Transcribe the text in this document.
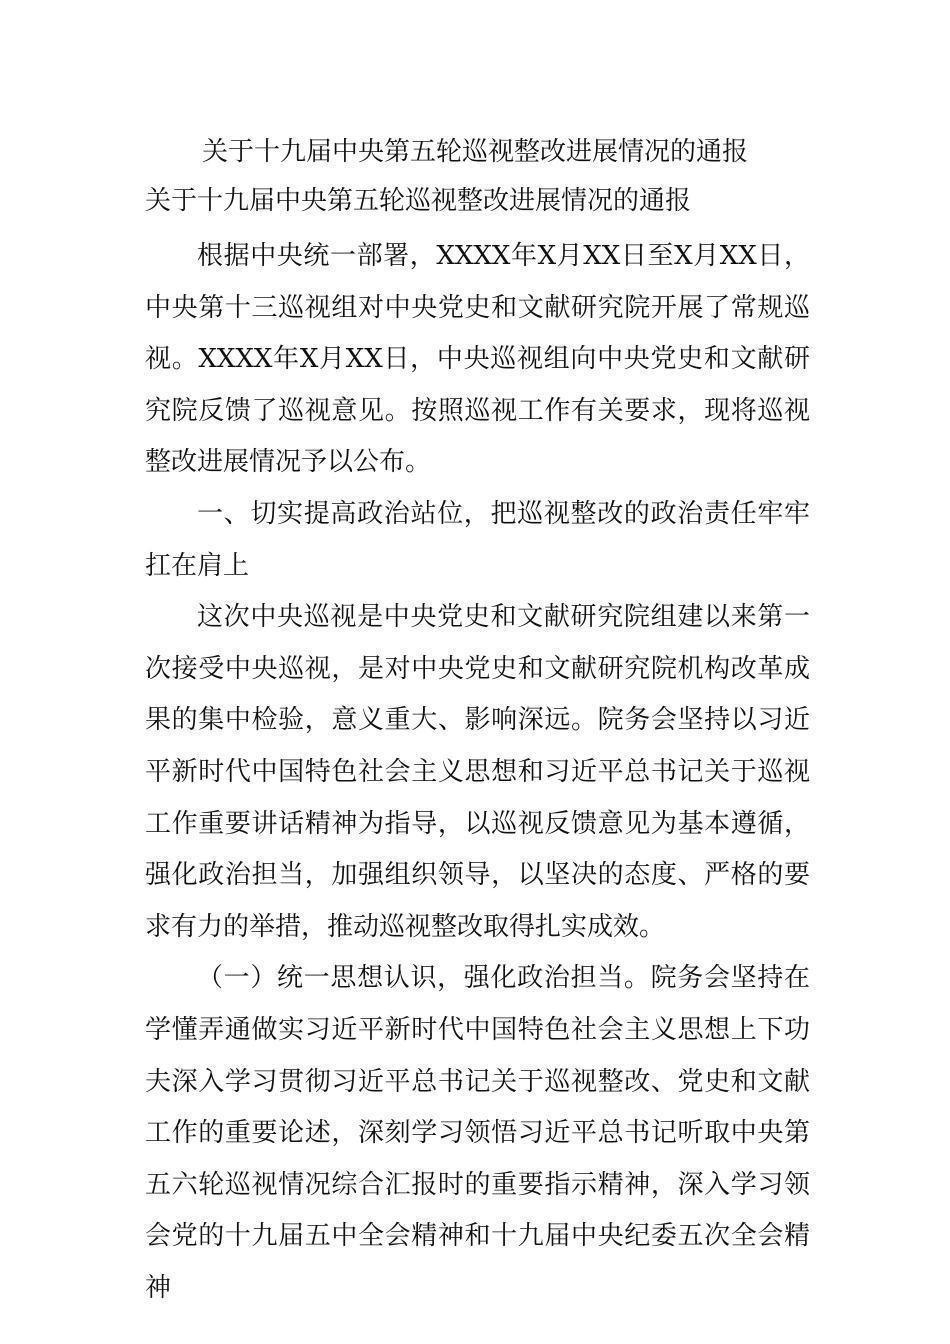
关于十九届中央第五轮巡视整改进展情况的通报
关于十九届中央第五轮巡视整改进展情况的通报

根据中央统一部署，XXXX年X月XX日至X月XX日，中央第十三巡视组对中央党史和文献研究院开展了常规巡视。XXXX年X月XX日，中央巡视组向中央党史和文献研究院反馈了巡视意见。按照巡视工作有关要求，现将巡视整改进展情况予以公布。

一、切实提高政治站位，把巡视整改的政治责任牢牢扛在肩上

这次中央巡视是中央党史和文献研究院组建以来第一次接受中央巡视，是对中央党史和文献研究院机构改革成果的集中检验，意义重大、影响深远。院务会坚持以习近平新时代中国特色社会主义思想和习近平总书记关于巡视工作重要讲话精神为指导，以巡视反馈意见为基本遵循，强化政治担当，加强组织领导，以坚决的态度、严格的要求有力的举措，推动巡视整改取得扎实成效。

（一）统一思想认识，强化政治担当。院务会坚持在学懂弄通做实习近平新时代中国特色社会主义思想上下功夫深入学习贯彻习近平总书记关于巡视整改、党史和文献工作的重要论述，深刻学习领悟习近平总书记听取中央第五六轮巡视情况综合汇报时的重要指示精神，深入学习领会党的十九届五中全会精神和十九届中央纪委五次全会精神
